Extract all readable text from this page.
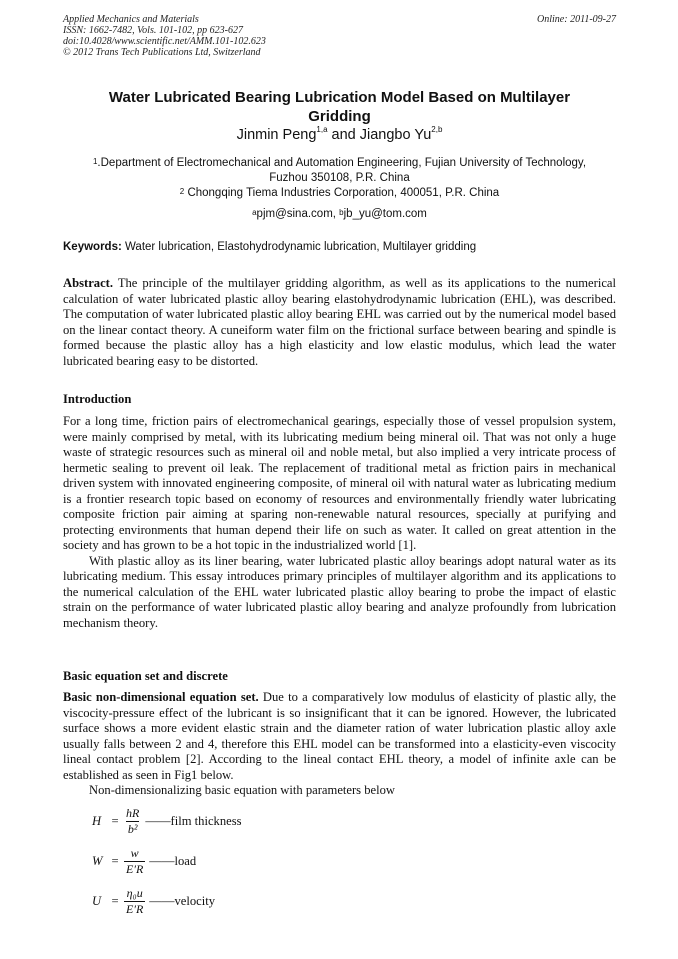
Applied Mechanics and Materials
ISSN: 1662-7482, Vols. 101-102, pp 623-627
doi:10.4028/www.scientific.net/AMM.101-102.623
© 2012 Trans Tech Publications Ltd, Switzerland
Online: 2011-09-27
Water Lubricated Bearing Lubrication Model Based on Multilayer
Gridding
Jinmin Peng$^{1,a}$ and Jiangbo Yu$^{2,b}$
$^1$.Department of Electromechanical and Automation Engineering, Fujian University of Technology,
Fuzhou 350108, P.R. China
$^2$ Chongqing Tiema Industries Corporation, 400051, P.R. China
$^a$pjm@sina.com, $^b$jb_yu@tom.com
Keywords: Water lubrication, Elastohydrodynamic lubrication, Multilayer gridding
Abstract. The principle of the multilayer gridding algorithm, as well as its applications to the numerical calculation of water lubricated plastic alloy bearing elastohydrodynamic lubrication (EHL), was described. The computation of water lubricated plastic alloy bearing EHL was carried out by the numerical model based on the linear contact theory. A cuneiform water film on the frictional surface between bearing and spindle is formed because the plastic alloy has a high elasticity and low elastic modulus, which lead the water lubricated bearing easy to be distorted.
Introduction
For a long time, friction pairs of electromechanical gearings, especially those of vessel propulsion system, were mainly comprised by metal, with its lubricating medium being mineral oil. That was not only a huge waste of strategic resources such as mineral oil and noble metal, but also implied a very intricate process of hermetic sealing to prevent oil leak. The replacement of traditional metal as friction pairs in mechanical driven system with innovated engineering composite, of mineral oil with natural water as lubricating medium is a frontier research topic based on economy of resources and environmentally friendly water lubricating composite friction pair aiming at sparing non-renewable natural resources, specially at purifying and protecting environments that human depend their life on such as water. It called on great attention in the society and has grown to be a hot topic in the industrialized world [1].
With plastic alloy as its liner bearing, water lubricated plastic alloy bearings adopt natural water as its lubricating medium. This essay introduces primary principles of multilayer algorithm and its applications to the numerical calculation of the EHL water lubricated plastic alloy bearing to probe the impact of elastic strain on the performance of water lubricated plastic alloy bearing and analyze profoundly from lubrication mechanism theory.
Basic equation set and discrete
Basic non-dimensional equation set. Due to a comparatively low modulus of elasticity of plastic ally, the viscocity-pressure effect of the lubricant is so insignificant that it can be ignored. However, the lubricated surface shows a more evident elastic strain and the diameter ration of water lubrication plastic alloy axle usually falls between 2 and 4, therefore this EHL model can be transformed into a elasticity-even viscocity lineal contact problem [2]. According to the lineal contact EHL theory, a model of infinite axle can be established as seen in Fig1 below.
Non-dimensionalizing basic equation with parameters below
$H = \frac{hR}{\text{b²}}$ ——film thickness
$W = \frac{w}{E'R}$ ——load
$U = \frac{\text{η₀u}}{E'R}$ ——velocity
